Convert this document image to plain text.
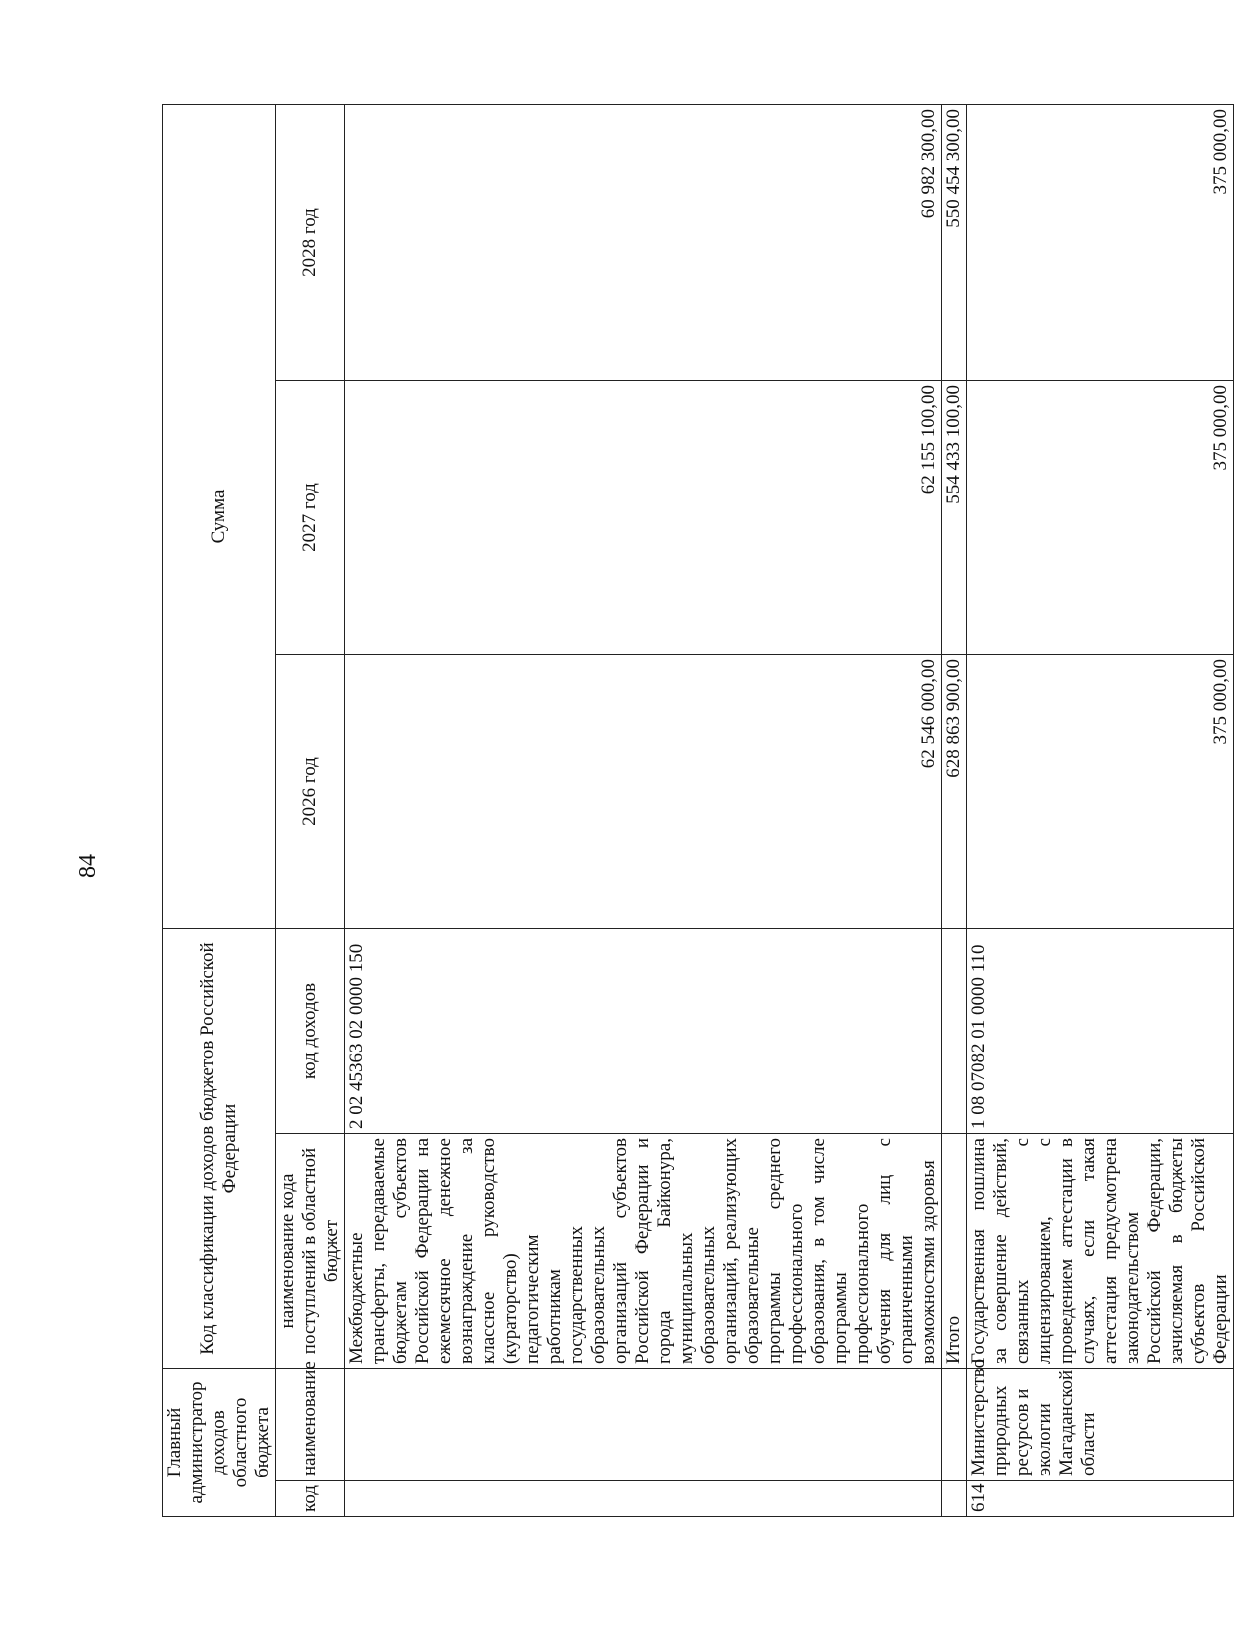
84
Главный администратор доходов областного бюджета		Код классификации доходов бюджетов Российской Федерации		Сумма		
код	наименование	наименование кода поступлений в областной бюджет	код доходов	2026 год	2027 год	2028 год
		Межбюджетные трансферты, передаваемые бюджетам субъектов Российской Федерации на ежемесячное денежное вознаграждение за классное руководство (кураторство) педагогическим работникам государственных образовательных организаций субъектов Российской Федерации и города Байконура, муниципальных образовательных организаций, реализующих образовательные программы среднего профессионального образования, в том числе программы профессионального обучения для лиц с ограниченными возможностями здоровья	2 02 45363 02 0000 150	62 546 000,00	62 155 100,00	60 982 300,00
		Итого		628 863 900,00	554 433 100,00	550 454 300,00
614	Министерство природных ресурсов и экологии Магаданской области	Государственная пошлина за совершение действий, связанных с лицензированием, с проведением аттестации в случаях, если такая аттестация предусмотрена законодательством Российской Федерации, зачисляемая в бюджеты субъектов Российской Федерации	1 08 07082 01 0000 110	375 000,00	375 000,00	375 000,00
